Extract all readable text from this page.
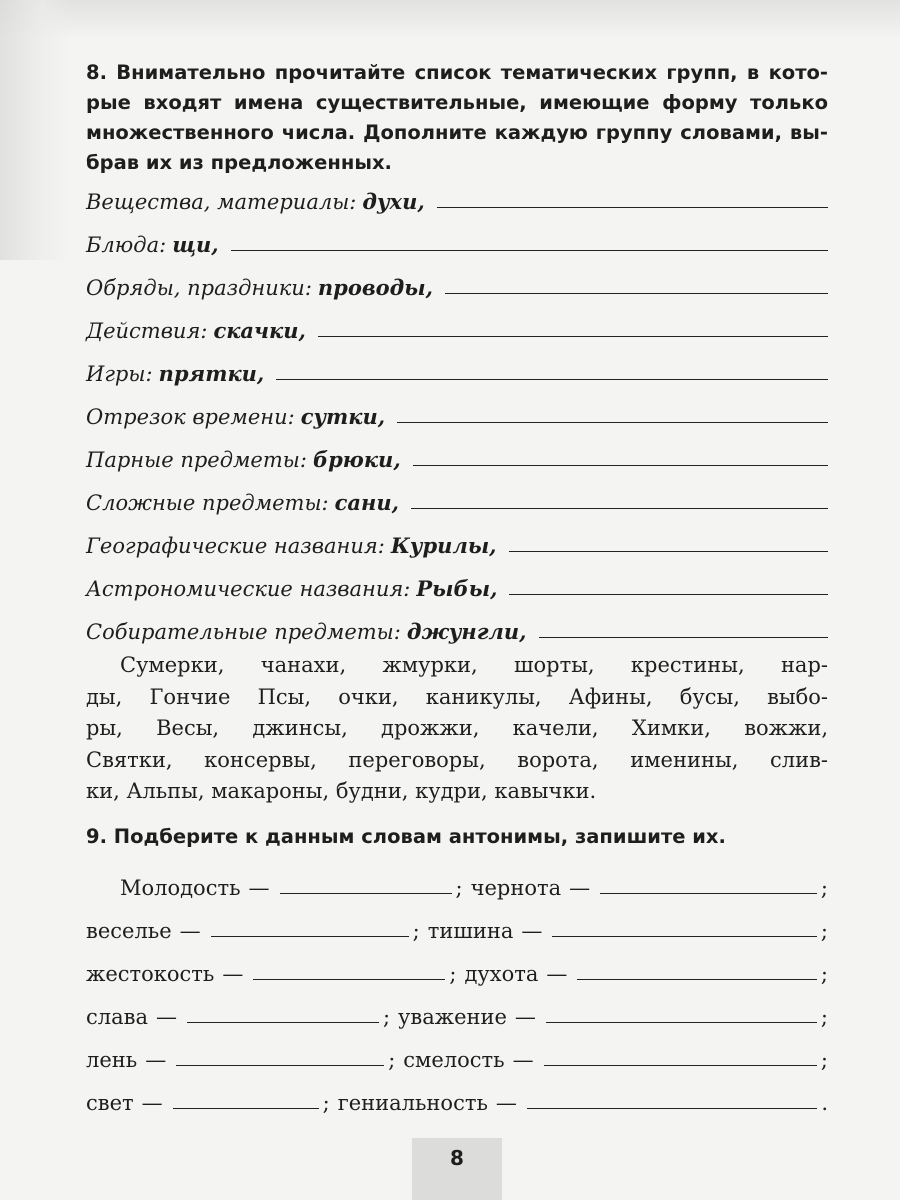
8. Внимательно прочитайте список тематических групп, в кото-
рые входят имена существительные, имеющие форму только
множественного числа. Дополните каждую группу словами, вы-
брав их из предложенных.
Вещества, материалы: духи,
Блюда: щи,
Обряды, праздники: проводы,
Действия: скачки,
Игры: прятки,
Отрезок времени: сутки,
Парные предметы: брюки,
Сложные предметы: сани,
Географические названия: Курилы,
Астрономические названия: Рыбы,
Собирательные предметы: джунгли,
Сумерки, чанахи, жмурки, шорты, крестины, нар-
ды, Гончие Псы, очки, каникулы, Афины, бусы, выбо-
ры, Весы, джинсы, дрожжи, качели, Химки, вожжи,
Святки, консервы, переговоры, ворота, именины, слив-
ки, Альпы, макароны, будни, кудри, кавычки.
9. Подберите к данным словам антонимы, запишите их.
Молодость —	; чернота —	;
веселье —	; тишина —	;
жестокость —	; духота —	;
слава —	; уважение —	;
лень —	; смелость —	;
свет —	; гениальность —	.
8
